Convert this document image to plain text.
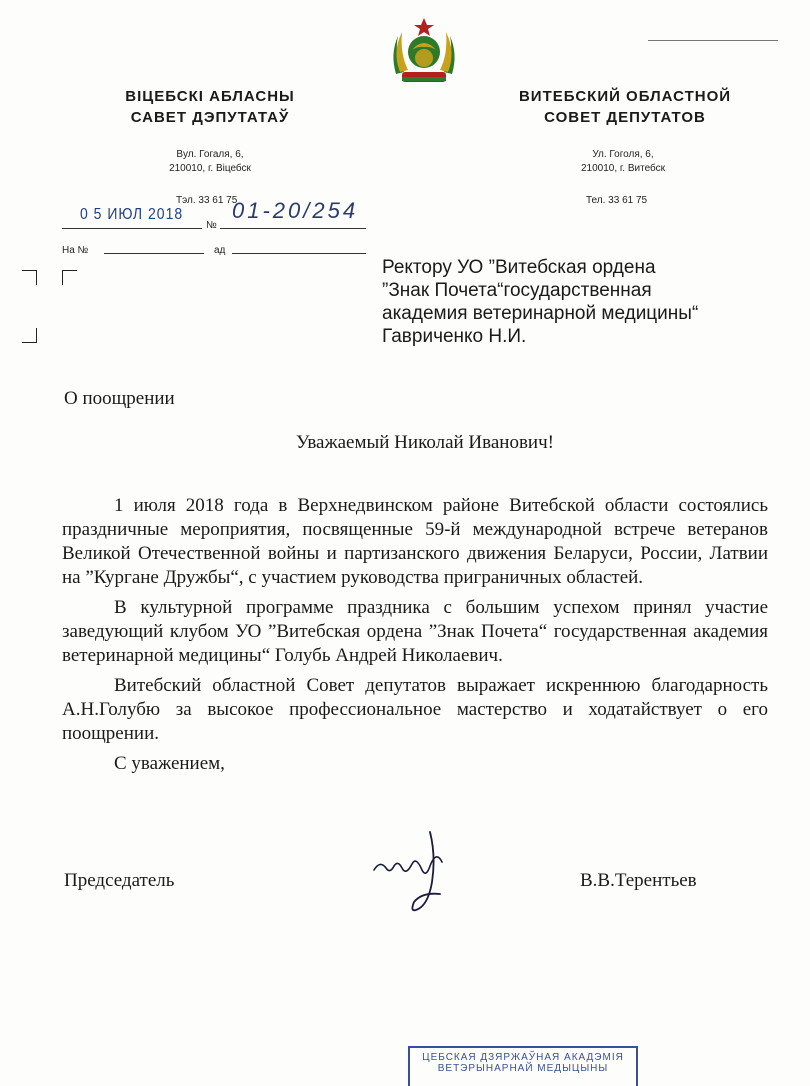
ВІЦЕБСКІ АБЛАСНЫ
САВЕТ ДЭПУТАТАЎ
Вул. Гогаля, 6,
210010, г. Віцебск
Тэл. 33 61 75
ВИТЕБСКИЙ ОБЛАСТНОЙ
СОВЕТ ДЕПУТАТОВ
Ул. Гоголя, 6,
210010, г. Витебск
Тел. 33 61 75
0 5 ИЮЛ 2018
№
01-20/254
На №	ад
Ректору УО ”Витебская ордена
”Знак Почета“государственная
академия ветеринарной медицины“
Гавриченко Н.И.
О поощрении
Уважаемый Николай Иванович!

1 июля 2018 года в Верхнедвинском районе Витебской области состоялись праздничные мероприятия, посвященные 59-й международной встрече ветеранов Великой Отечественной войны и партизанского движения Беларуси, России, Латвии на ”Кургане Дружбы“, с участием руководства приграничных областей.

В культурной программе праздника с большим успехом принял участие заведующий клубом УО ”Витебская ордена ”Знак Почета“ государственная академия ветеринарной медицины“ Голубь Андрей Николаевич.

Витебский областной Совет депутатов выражает искреннюю благодарность А.Н.Голубю за высокое профессиональное мастерство и ходатайствует о его поощрении.

С уважением,

Председатель	В.В.Терентьев
ЦЕБСКАЯ ДЗЯРЖАЎНАЯ АКАДЭМІЯ
ВЕТЭРЫНАРНАЙ МЕДЫЦЫНЫ
